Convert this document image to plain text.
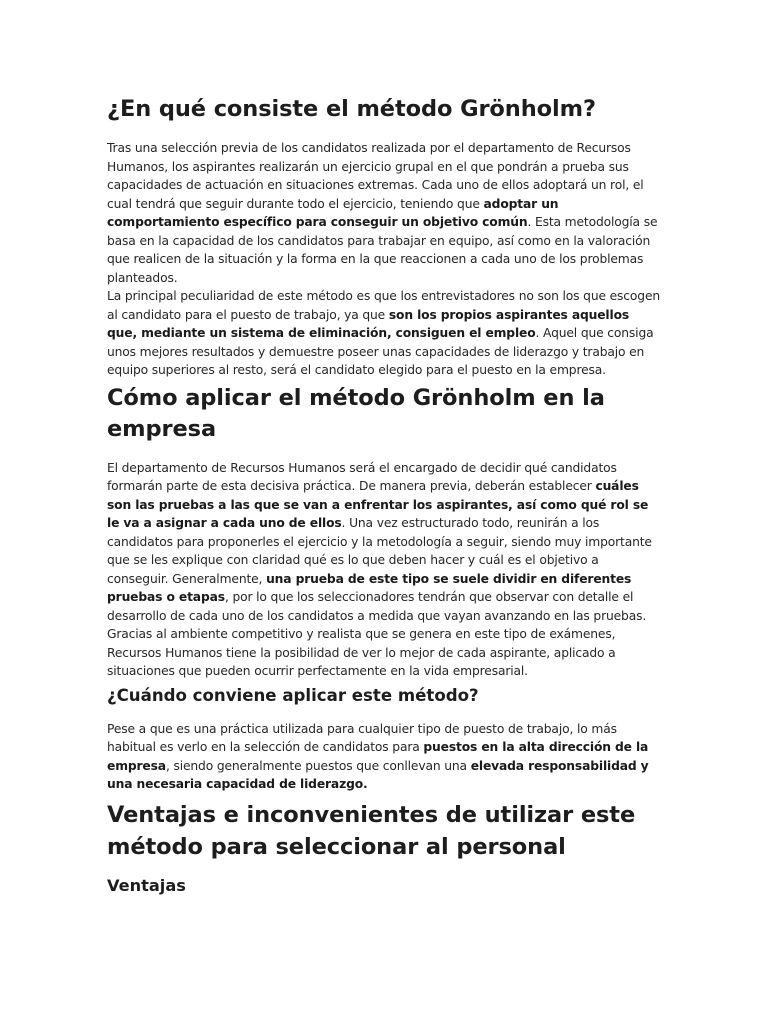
¿En qué consiste el método Grönholm?

Tras una selección previa de los candidatos realizada por el departamento de Recursos Humanos, los aspirantes realizarán un ejercicio grupal en el que pondrán a prueba sus capacidades de actuación en situaciones extremas. Cada uno de ellos adoptará un rol, el cual tendrá que seguir durante todo el ejercicio, teniendo que adoptar un comportamiento específico para conseguir un objetivo común. Esta metodología se basa en la capacidad de los candidatos para trabajar en equipo, así como en la valoración que realicen de la situación y la forma en la que reaccionen a cada uno de los problemas planteados.

La principal peculiaridad de este método es que los entrevistadores no son los que escogen al candidato para el puesto de trabajo, ya que son los propios aspirantes aquellos que, mediante un sistema de eliminación, consiguen el empleo. Aquel que consiga unos mejores resultados y demuestre poseer unas capacidades de liderazgo y trabajo en equipo superiores al resto, será el candidato elegido para el puesto en la empresa.

Cómo aplicar el método Grönholm en la empresa

El departamento de Recursos Humanos será el encargado de decidir qué candidatos formarán parte de esta decisiva práctica. De manera previa, deberán establecer cuáles son las pruebas a las que se van a enfrentar los aspirantes, así como qué rol se le va a asignar a cada uno de ellos. Una vez estructurado todo, reunirán a los candidatos para proponerles el ejercicio y la metodología a seguir, siendo muy importante que se les explique con claridad qué es lo que deben hacer y cuál es el objetivo a conseguir. Generalmente, una prueba de este tipo se suele dividir en diferentes pruebas o etapas, por lo que los seleccionadores tendrán que observar con detalle el desarrollo de cada uno de los candidatos a medida que vayan avanzando en las pruebas. Gracias al ambiente competitivo y realista que se genera en este tipo de exámenes, Recursos Humanos tiene la posibilidad de ver lo mejor de cada aspirante, aplicado a situaciones que pueden ocurrir perfectamente en la vida empresarial.

¿Cuándo conviene aplicar este método?

Pese a que es una práctica utilizada para cualquier tipo de puesto de trabajo, lo más habitual es verlo en la selección de candidatos para puestos en la alta dirección de la empresa, siendo generalmente puestos que conllevan una elevada responsabilidad y una necesaria capacidad de liderazgo.

Ventajas e inconvenientes de utilizar este método para seleccionar al personal
Ventajas
